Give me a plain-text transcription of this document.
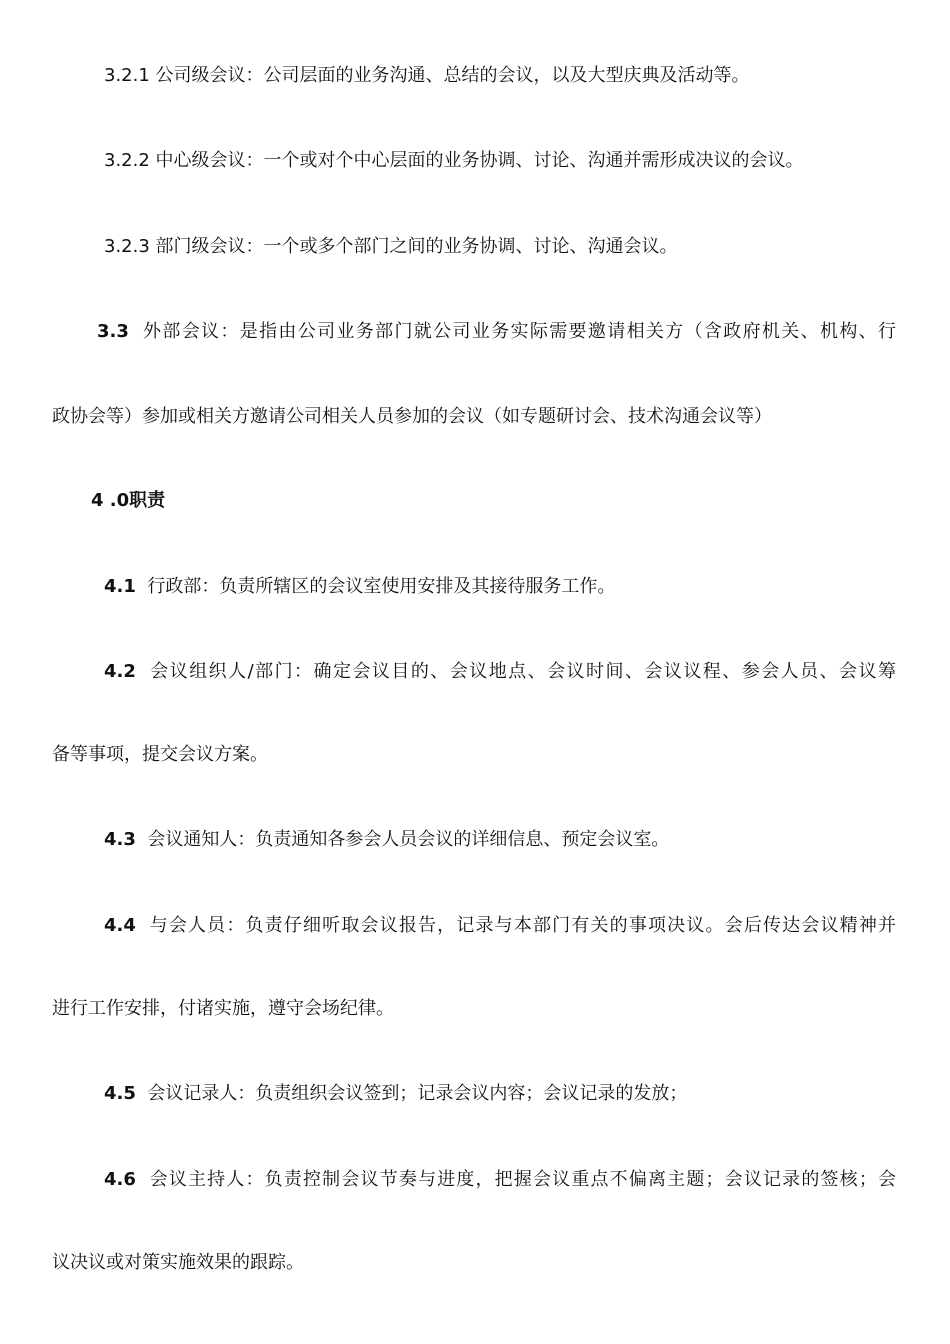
3.2.1 公司级会议：公司层面的业务沟通、总结的会议，以及大型庆典及活动等。
3.2.2 中心级会议：一个或对个中心层面的业务协调、讨论、沟通并需形成决议的会议。
3.2.3 部门级会议：一个或多个部门之间的业务协调、讨论、沟通会议。
3.3 外部会议：是指由公司业务部门就公司业务实际需要邀请相关方（含政府机关、机构、行
政协会等）参加或相关方邀请公司相关人员参加的会议（如专题研讨会、技术沟通会议等）
4 .0职责
4.1 行政部：负责所辖区的会议室使用安排及其接待服务工作。
4.2 会议组织人/部门：确定会议目的、会议地点、会议时间、会议议程、参会人员、会议筹
备等事项，提交会议方案。
4.3 会议通知人：负责通知各参会人员会议的详细信息、预定会议室。
4.4 与会人员：负责仔细听取会议报告，记录与本部门有关的事项决议。会后传达会议精神并
进行工作安排，付诸实施，遵守会场纪律。
4.5 会议记录人：负责组织会议签到；记录会议内容；会议记录的发放；
4.6 会议主持人：负责控制会议节奏与进度，把握会议重点不偏离主题；会议记录的签核；会
议决议或对策实施效果的跟踪。
